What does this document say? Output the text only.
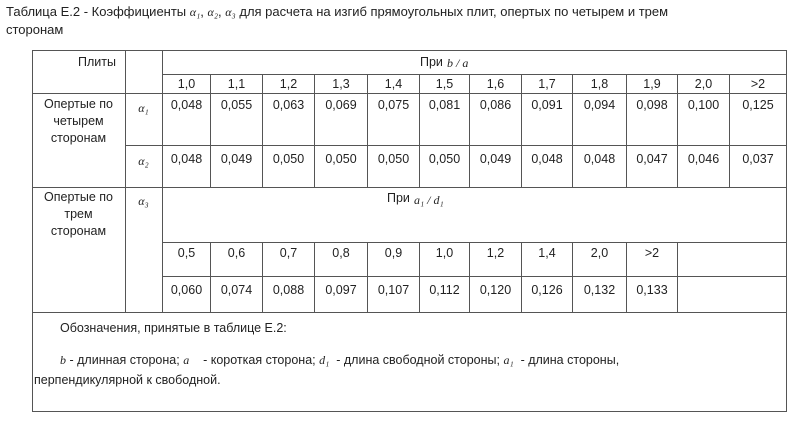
Таблица Е.2 - Коэффициенты α₁, α₂, α₃ для расчета на изгиб прямоугольных плит, опертых по четырем и трем
сторонам
Обозначения, принятые в таблице Е.2:
b - длинная сторона; a - короткая сторона; d₁ - длина свободной стороны; a₁ - длина стороны,
перпендикулярной к свободной.
Плиты	При b / a
1,0
0,048
0,048
1,1
0,055
0,049
1,2
0,063
0,050
1,3
0,069
0,050
1,4
0,075
0,050
1,5
0,081
0,050
1,6
0,086
0,049
1,7
0,091
0,048
1,8
0,094
0,048
1,9
0,098
0,047
2,0
0,100
0,046
>2
0,125
0,037
Опертые по
четырем
сторонам
α₁
α₂
Опертые по
трем
сторонам
α₃	При a₁ / d₁
0,5
0,060
0,6
0,074
0,7
0,088
0,8
0,097
0,9
0,107
1,0
0,112
1,2
0,120
1,4
0,126
2,0
0,132
>2
0,133
